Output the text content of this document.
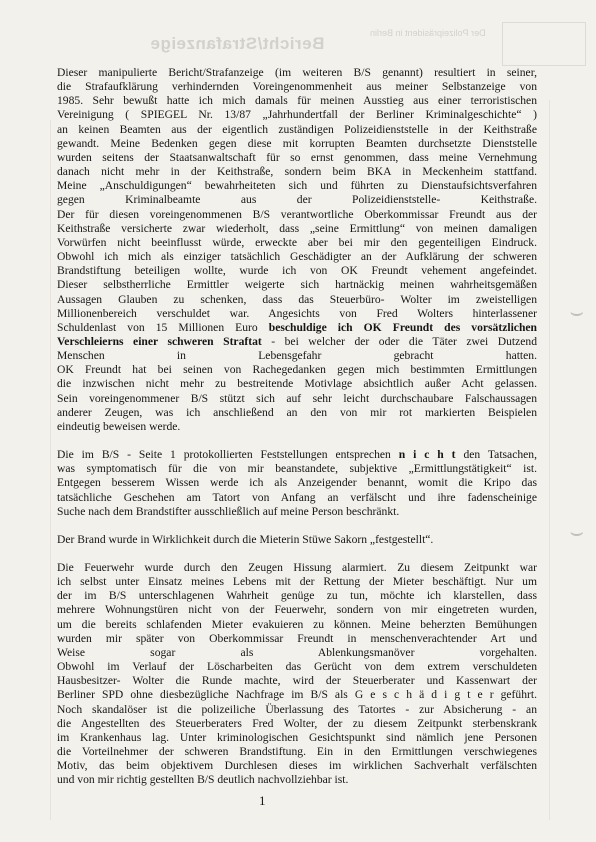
Bericht/Strafanzeige
Der Polizeipräsident in Berlin
⌣
⌣

Dieser manipulierte Bericht/Strafanzeige (im weiteren B/S genannt) resultiert in seiner,
die Strafaufklärung verhindernden Voreingenommenheit aus meiner Selbstanzeige von
1985. Sehr bewußt hatte ich mich damals für meinen Ausstieg aus einer terroristischen
Vereinigung ( SPIEGEL Nr. 13/87 „Jahrhundertfall der Berliner Kriminalgeschichte“ )
an keinen Beamten aus der eigentlich zuständigen Polizeidienststelle in der Keithstraße
gewandt. Meine Bedenken gegen diese mit korrupten Beamten durchsetzte Dienststelle
wurden seitens der Staatsanwaltschaft für so ernst genommen, dass meine Vernehmung
danach nicht mehr in der Keithstraße, sondern beim BKA in Meckenheim stattfand.
Meine „Anschuldigungen“ bewahrheiteten sich und führten zu Dienstaufsichtsverfahren
gegen Kriminalbeamte aus der Polizeidienststelle- Keithstraße.
Der für diesen voreingenommenen B/S verantwortliche Oberkommissar Freundt aus der
Keithstraße versicherte zwar wiederholt, dass „seine Ermittlung“ von meinen damaligen
Vorwürfen nicht beeinflusst würde, erweckte aber bei mir den gegenteiligen Eindruck.
Obwohl ich mich als einziger tatsächlich Geschädigter an der Aufklärung der schweren
Brandstiftung beteiligen wollte, wurde ich von OK Freundt vehement angefeindet.
Dieser selbstherrliche Ermittler weigerte sich hartnäckig meinen wahrheitsgemäßen
Aussagen Glauben zu schenken, dass das Steuerbüro- Wolter im zweistelligen
Millionenbereich verschuldet war. Angesichts von Fred Wolters hinterlassener
Schuldenlast von 15 Millionen Euro beschuldige ich OK Freundt des vorsätzlichen
Verschleierns einer schweren Straftat - bei welcher der oder die Täter zwei Dutzend
Menschen in Lebensgefahr gebracht hatten.
OK Freundt hat bei seinen von Rachegedanken gegen mich bestimmten Ermittlungen
die inzwischen nicht mehr zu bestreitende Motivlage absichtlich außer Acht gelassen.
Sein voreingenommener B/S stützt sich auf sehr leicht durchschaubare Falschaussagen
anderer Zeugen, was ich anschließend an den von mir rot markierten Beispielen
eindeutig beweisen werde.

Die im B/S - Seite 1 protokollierten Feststellungen entsprechen n i c h t den Tatsachen,
was symptomatisch für die von mir beanstandete, subjektive „Ermittlungstätigkeit“ ist.
Entgegen besserem Wissen werde ich als Anzeigender benannt, womit die Kripo das
tatsächliche Geschehen am Tatort von Anfang an verfälscht und ihre fadenscheinige
Suche nach dem Brandstifter ausschließlich auf meine Person beschränkt.

Der Brand wurde in Wirklichkeit durch die Mieterin Stüwe Sakorn „festgestellt“.

Die Feuerwehr wurde durch den Zeugen Hissung alarmiert. Zu diesem Zeitpunkt war
ich selbst unter Einsatz meines Lebens mit der Rettung der Mieter beschäftigt. Nur um
der im B/S unterschlagenen Wahrheit genüge zu tun, möchte ich klarstellen, dass
mehrere Wohnungstüren nicht von der Feuerwehr, sondern von mir eingetreten wurden,
um die bereits schlafenden Mieter evakuieren zu können. Meine beherzten Bemühungen
wurden mir später von Oberkommissar Freundt in menschenverachtender Art und
Weise sogar als Ablenkungsmanöver vorgehalten.
Obwohl im Verlauf der Löscharbeiten das Gerücht von dem extrem verschuldeten
Hausbesitzer- Wolter die Runde machte, wird der Steuerberater und Kassenwart der
Berliner SPD ohne diesbezügliche Nachfrage im B/S als G e s c h ä d i g t e r geführt.
Noch skandalöser ist die polizeiliche Überlassung des Tatortes - zur Absicherung - an
die Angestellten des Steuerberaters Fred Wolter, der zu diesem Zeitpunkt sterbenskrank
im Krankenhaus lag. Unter kriminologischen Gesichtspunkt sind nämlich jene Personen
die Vorteilnehmer der schweren Brandstiftung. Ein in den Ermittlungen verschwiegenes
Motiv, das beim objektivem Durchlesen dieses im wirklichen Sachverhalt verfälschten
und von mir richtig gestellten B/S deutlich nachvollziehbar ist.

1
